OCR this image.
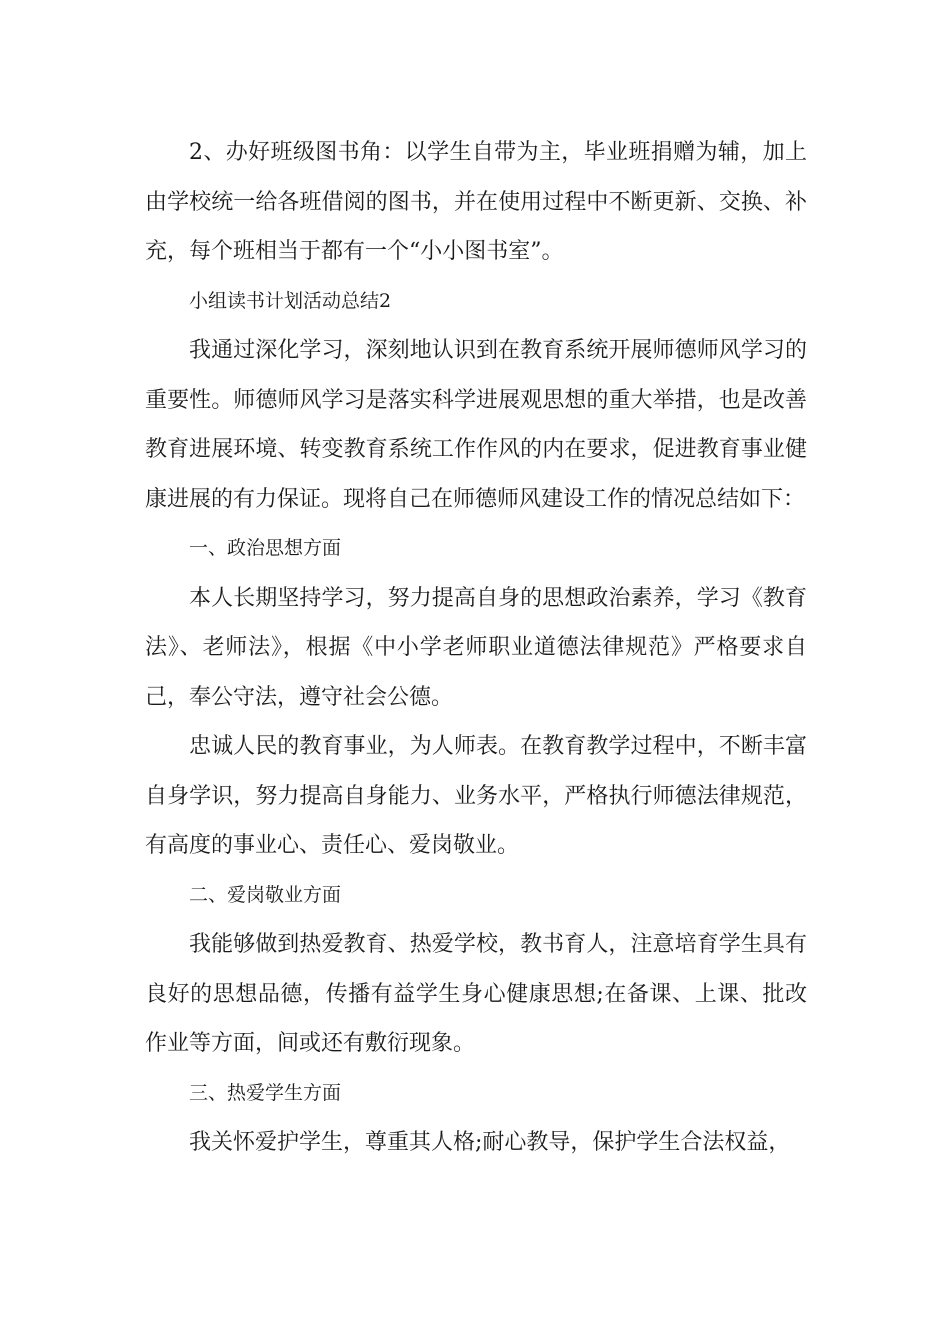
2、办好班级图书角：以学生自带为主，毕业班捐赠为辅，加上由学校统一给各班借阅的图书，并在使用过程中不断更新、交换、补充，每个班相当于都有一个“小小图书室”。

小组读书计划活动总结2

我通过深化学习，深刻地认识到在教育系统开展师德师风学习的重要性。师德师风学习是落实科学进展观思想的重大举措，也是改善教育进展环境、转变教育系统工作作风的内在要求，促进教育事业健康进展的有力保证。现将自己在师德师风建设工作的情况总结如下：

一、政治思想方面

本人长期坚持学习，努力提高自身的思想政治素养，学习《教育法》、老师法》，根据《中小学老师职业道德法律规范》严格要求自己，奉公守法，遵守社会公德。

忠诚人民的教育事业，为人师表。在教育教学过程中，不断丰富自身学识，努力提高自身能力、业务水平，严格执行师德法律规范，有高度的事业心、责任心、爱岗敬业。

二、爱岗敬业方面

我能够做到热爱教育、热爱学校，教书育人，注意培育学生具有良好的思想品德，传播有益学生身心健康思想;在备课、上课、批改作业等方面，间或还有敷衍现象。

三、热爱学生方面

我关怀爱护学生，尊重其人格;耐心教导，保护学生合法权益，
